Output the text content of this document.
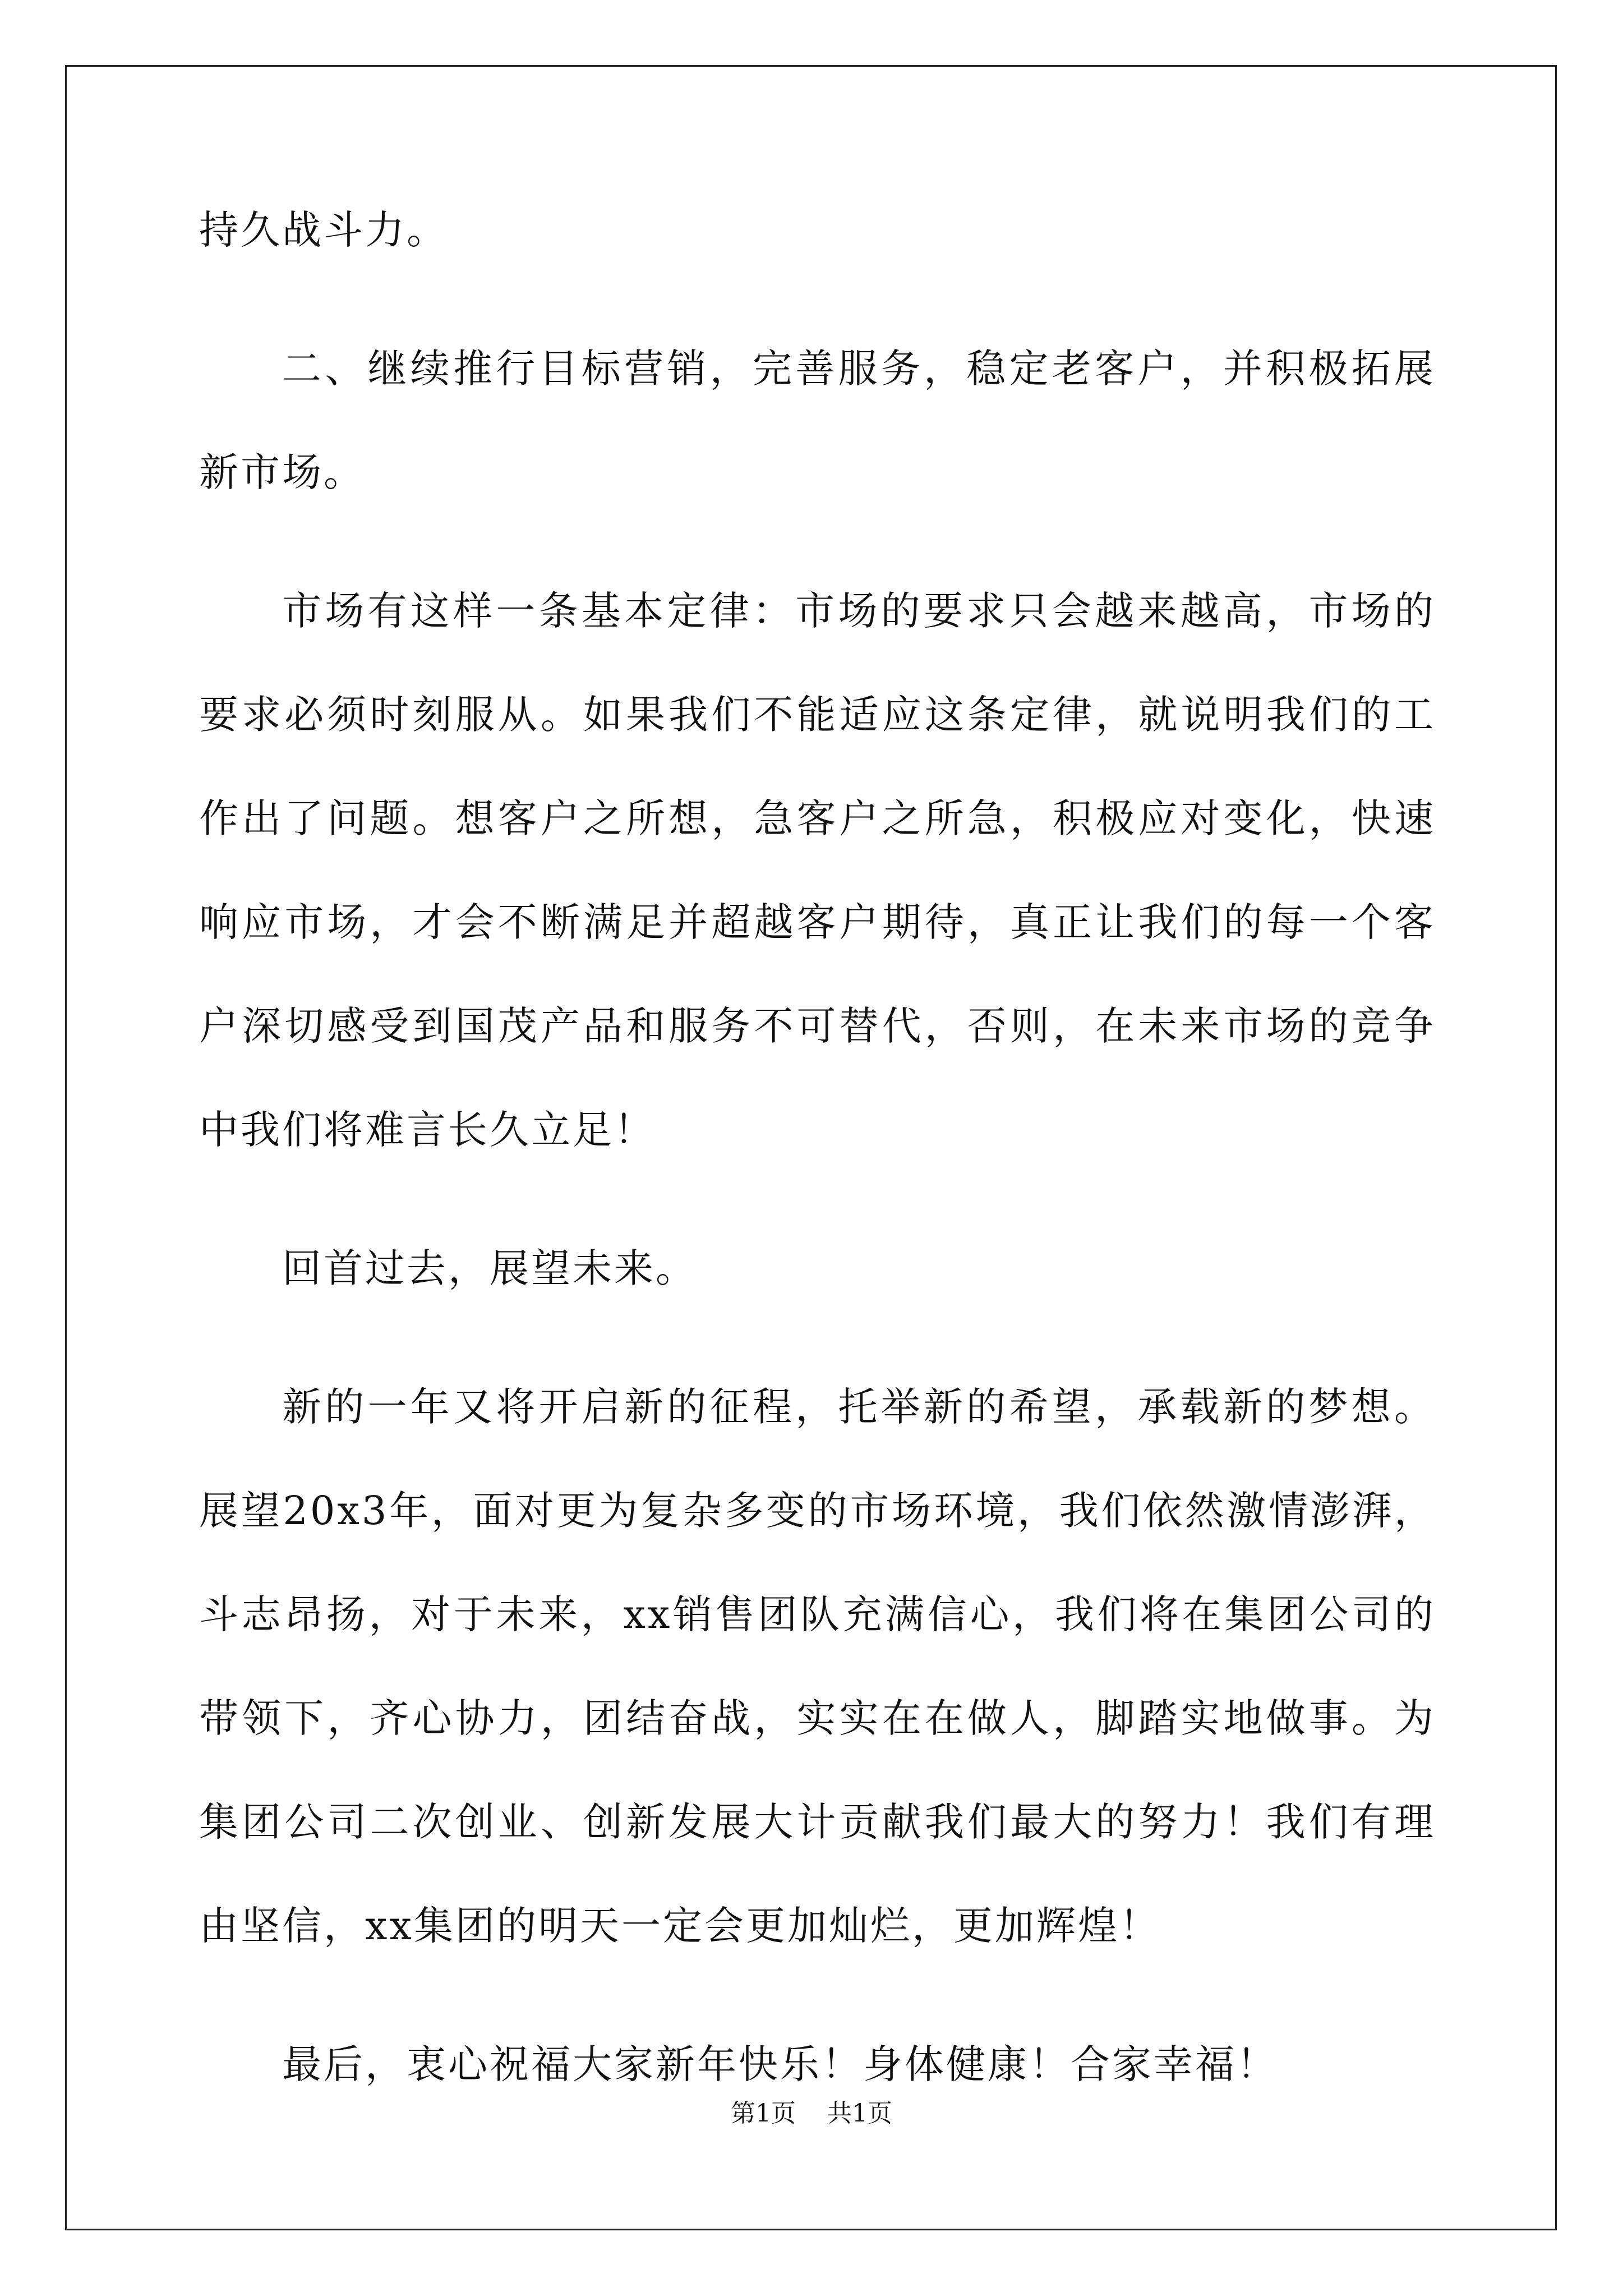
持久战斗力。

二、继续推行目标营销，完善服务，稳定老客户，并积极拓展新市场。

市场有这样一条基本定律：市场的要求只会越来越高，市场的要求必须时刻服从。如果我们不能适应这条定律，就说明我们的工作出了问题。想客户之所想，急客户之所急，积极应对变化，快速响应市场，才会不断满足并超越客户期待，真正让我们的每一个客户深切感受到国茂产品和服务不可替代，否则，在未来市场的竞争中我们将难言长久立足！

回首过去，展望未来。

新的一年又将开启新的征程，托举新的希望，承载新的梦想。展望20x3年，面对更为复杂多变的市场环境，我们依然激情澎湃，斗志昂扬，对于未来，xx销售团队充满信心，我们将在集团公司的带领下，齐心协力，团结奋战，实实在在做人，脚踏实地做事。为集团公司二次创业、创新发展大计贡献我们最大的努力！我们有理由坚信，xx集团的明天一定会更加灿烂，更加辉煌！

最后，衷心祝福大家新年快乐！身体健康！合家幸福！

第1页 共1页
